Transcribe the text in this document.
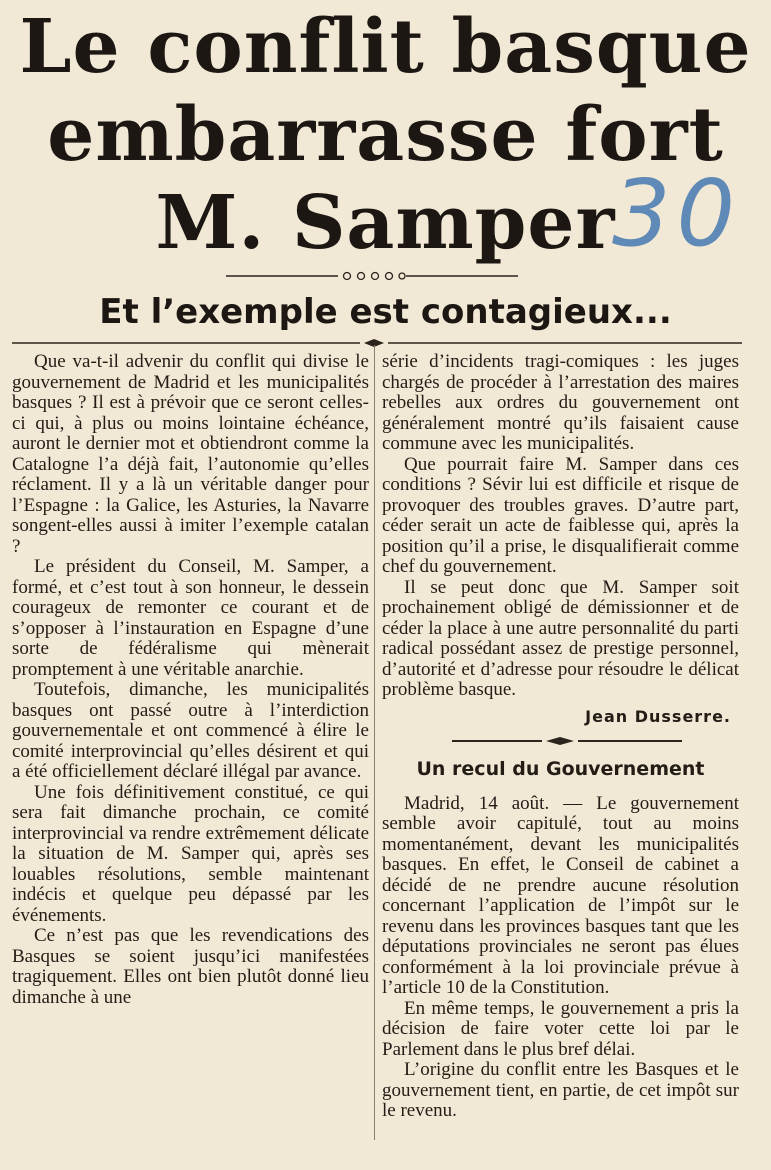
Le conflit basque
embarrasse fort
M. Samper
30
Et l’exemple est contagieux...

Que va-t-il advenir du conflit qui divise le gouvernement de Madrid et les municipalités basques ? Il est à prévoir que ce seront celles-ci qui, à plus ou moins lointaine échéance, auront le dernier mot et obtiendront comme la Catalogne l’a déjà fait, l’autonomie qu’elles réclament. Il y a là un véritable danger pour l’Espagne : la Galice, les Asturies, la Navarre songent-elles aussi à imiter l’exemple catalan ?

Le président du Conseil, M. Samper, a formé, et c’est tout à son honneur, le dessein courageux de remonter ce courant et de s’opposer à l’instauration en Espagne d’une sorte de fédéralisme qui mènerait promptement à une véritable anarchie.

Toutefois, dimanche, les municipalités basques ont passé outre à l’interdiction gouvernementale et ont commencé à élire le comité interprovincial qu’elles désirent et qui a été officiellement déclaré illégal par avance.

Une fois définitivement constitué, ce qui sera fait dimanche prochain, ce comité interprovincial va rendre extrêmement délicate la situation de M. Samper qui, après ses louables résolutions, semble maintenant indécis et quelque peu dépassé par les événements.

Ce n’est pas que les revendications des Basques se soient jusqu’ici manifestées tragiquement. Elles ont bien plutôt donné lieu dimanche à une

série d’incidents tragi-comiques : les juges chargés de procéder à l’arrestation des maires rebelles aux ordres du gouvernement ont généralement montré qu’ils faisaient cause commune avec les municipalités.

Que pourrait faire M. Samper dans ces conditions ? Sévir lui est difficile et risque de provoquer des troubles graves. D’autre part, céder serait un acte de faiblesse qui, après la position qu’il a prise, le disqualifierait comme chef du gouvernement.

Il se peut donc que M. Samper soit prochainement obligé de démissionner et de céder la place à une autre personnalité du parti radical possédant assez de prestige personnel, d’autorité et d’adresse pour résoudre le délicat problème basque.

Jean Dusserre.
Un recul du Gouvernement

Madrid, 14 août. — Le gouvernement semble avoir capitulé, tout au moins momentanément, devant les municipalités basques. En effet, le Conseil de cabinet a décidé de ne prendre aucune résolution concernant l’application de l’impôt sur le revenu dans les provinces basques tant que les députations provinciales ne seront pas élues conformément à la loi provinciale prévue à l’article 10 de la Constitution.

En même temps, le gouvernement a pris la décision de faire voter cette loi par le Parlement dans le plus bref délai.

L’origine du conflit entre les Basques et le gouvernement tient, en partie, de cet impôt sur le revenu.
